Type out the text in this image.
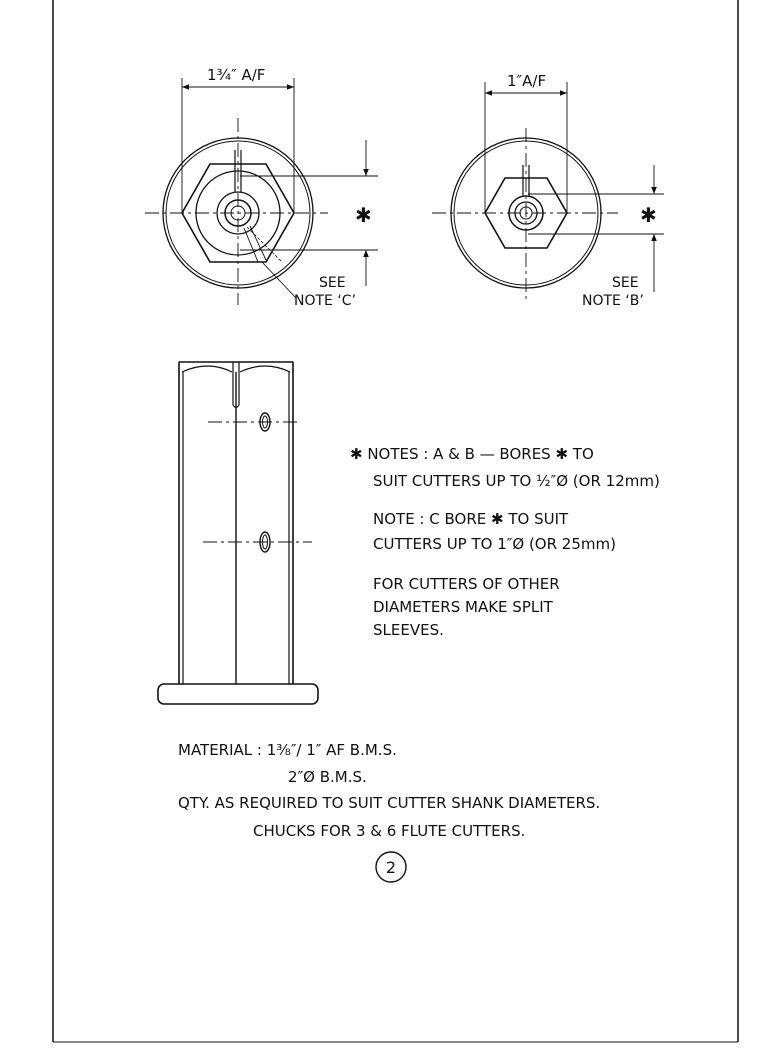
1¾″ A/F
✱
SEE
NOTE ‘C’
1″A/F
✱
SEE
NOTE ‘B’
✱ NOTES : A & B — BORES ✱ TO
SUIT CUTTERS UP TO ½″Ø (OR 12mm)
NOTE : C BORE ✱ TO SUIT
CUTTERS UP TO 1″Ø (OR 25mm)
FOR CUTTERS OF OTHER
DIAMETERS MAKE SPLIT
SLEEVES.
MATERIAL : 1⅜″/ 1″ AF B.M.S.
2″Ø B.M.S.
QTY. AS REQUIRED TO SUIT CUTTER SHANK DIAMETERS.
CHUCKS FOR 3 & 6 FLUTE CUTTERS.
2
